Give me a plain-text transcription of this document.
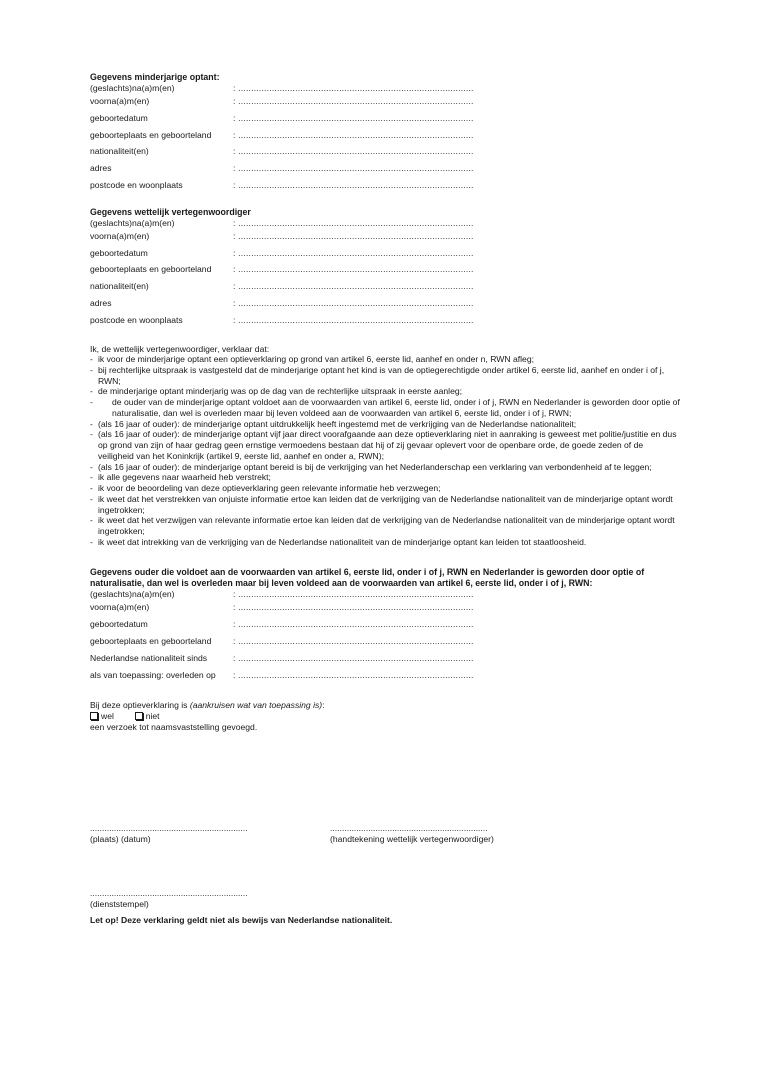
Gegevens minderjarige optant:

(geslachts)na(a)m(en)	: ...........................................................................................
voorna(a)m(en)	: ...........................................................................................
geboortedatum	: ...........................................................................................
geboorteplaats en geboorteland	: ...........................................................................................
nationaliteit(en)	: ...........................................................................................
adres	: ...........................................................................................
postcode en woonplaats	: ...........................................................................................

Gegevens wettelijk vertegenwoordiger

(geslachts)na(a)m(en)	: ...........................................................................................
voorna(a)m(en)	: ...........................................................................................
geboortedatum	: ...........................................................................................
geboorteplaats en geboorteland	: ...........................................................................................
nationaliteit(en)	: ...........................................................................................
adres	: ...........................................................................................
postcode en woonplaats	: ...........................................................................................

Ik, de wettelijk vertegenwoordiger, verklaar dat:

- ik voor de minderjarige optant een optieverklaring op grond van artikel 6, eerste lid, aanhef en onder n, RWN afleg;
- bij rechterlijke uitspraak is vastgesteld dat de minderjarige optant het kind is van de optiegerechtigde onder artikel 6, eerste lid, aanhef en onder i of j, RWN;
- de minderjarige optant minderjarig was op de dag van de rechterlijke uitspraak in eerste aanleg;
- de ouder van de minderjarige optant voldoet aan de voorwaarden van artikel 6, eerste lid, onder i of j, RWN en Nederlander is geworden door optie of naturalisatie, dan wel is overleden maar bij leven voldeed aan de voorwaarden van artikel 6, eerste lid, onder i of j, RWN;
- (als 16 jaar of ouder): de minderjarige optant uitdrukkelijk heeft ingestemd met de verkrijging van de Nederlandse nationaliteit;
- (als 16 jaar of ouder): de minderjarige optant vijf jaar direct voorafgaande aan deze optieverklaring niet in aanraking is geweest met politie/justitie en dus op grond van zijn of haar gedrag geen ernstige vermoedens bestaan dat hij of zij gevaar oplevert voor de openbare orde, de goede zeden of de veiligheid van het Koninkrijk (artikel 9, eerste lid, aanhef en onder a, RWN);
- (als 16 jaar of ouder): de minderjarige optant bereid is bij de verkrijging van het Nederlanderschap een verklaring van verbondenheid af te leggen;
- ik alle gegevens naar waarheid heb verstrekt;
- ik voor de beoordeling van deze optieverklaring geen relevante informatie heb verzwegen;
- ik weet dat het verstrekken van onjuiste informatie ertoe kan leiden dat de verkrijging van de Nederlandse nationaliteit van de minderjarige optant wordt ingetrokken;
- ik weet dat het verzwijgen van relevante informatie ertoe kan leiden dat de verkrijging van de Nederlandse nationaliteit van de minderjarige optant wordt ingetrokken;
- ik weet dat intrekking van de verkrijging van de Nederlandse nationaliteit van de minderjarige optant kan leiden tot staatloosheid.

Gegevens ouder die voldoet aan de voorwaarden van artikel 6, eerste lid, onder i of j, RWN en Nederlander is geworden door optie of naturalisatie, dan wel is overleden maar bij leven voldeed aan de voorwaarden van artikel 6, eerste lid, onder i of j, RWN:

(geslachts)na(a)m(en)	: ...........................................................................................
voorna(a)m(en)	: ...........................................................................................
geboortedatum	: ...........................................................................................
geboorteplaats en geboorteland	: ...........................................................................................
Nederlandse nationaliteit sinds	: ...........................................................................................
als van toepassing: overleden op	: ...........................................................................................

Bij deze optieverklaring is (aankruisen wat van toepassing is):

wel	niet

een verzoek tot naamsvaststelling gevoegd.

..................................................................
(plaats) (datum)
..................................................................
(handtekening wettelijk vertegenwoordiger)
..................................................................
(dienststempel)

Let op! Deze verklaring geldt niet als bewijs van Nederlandse nationaliteit.
